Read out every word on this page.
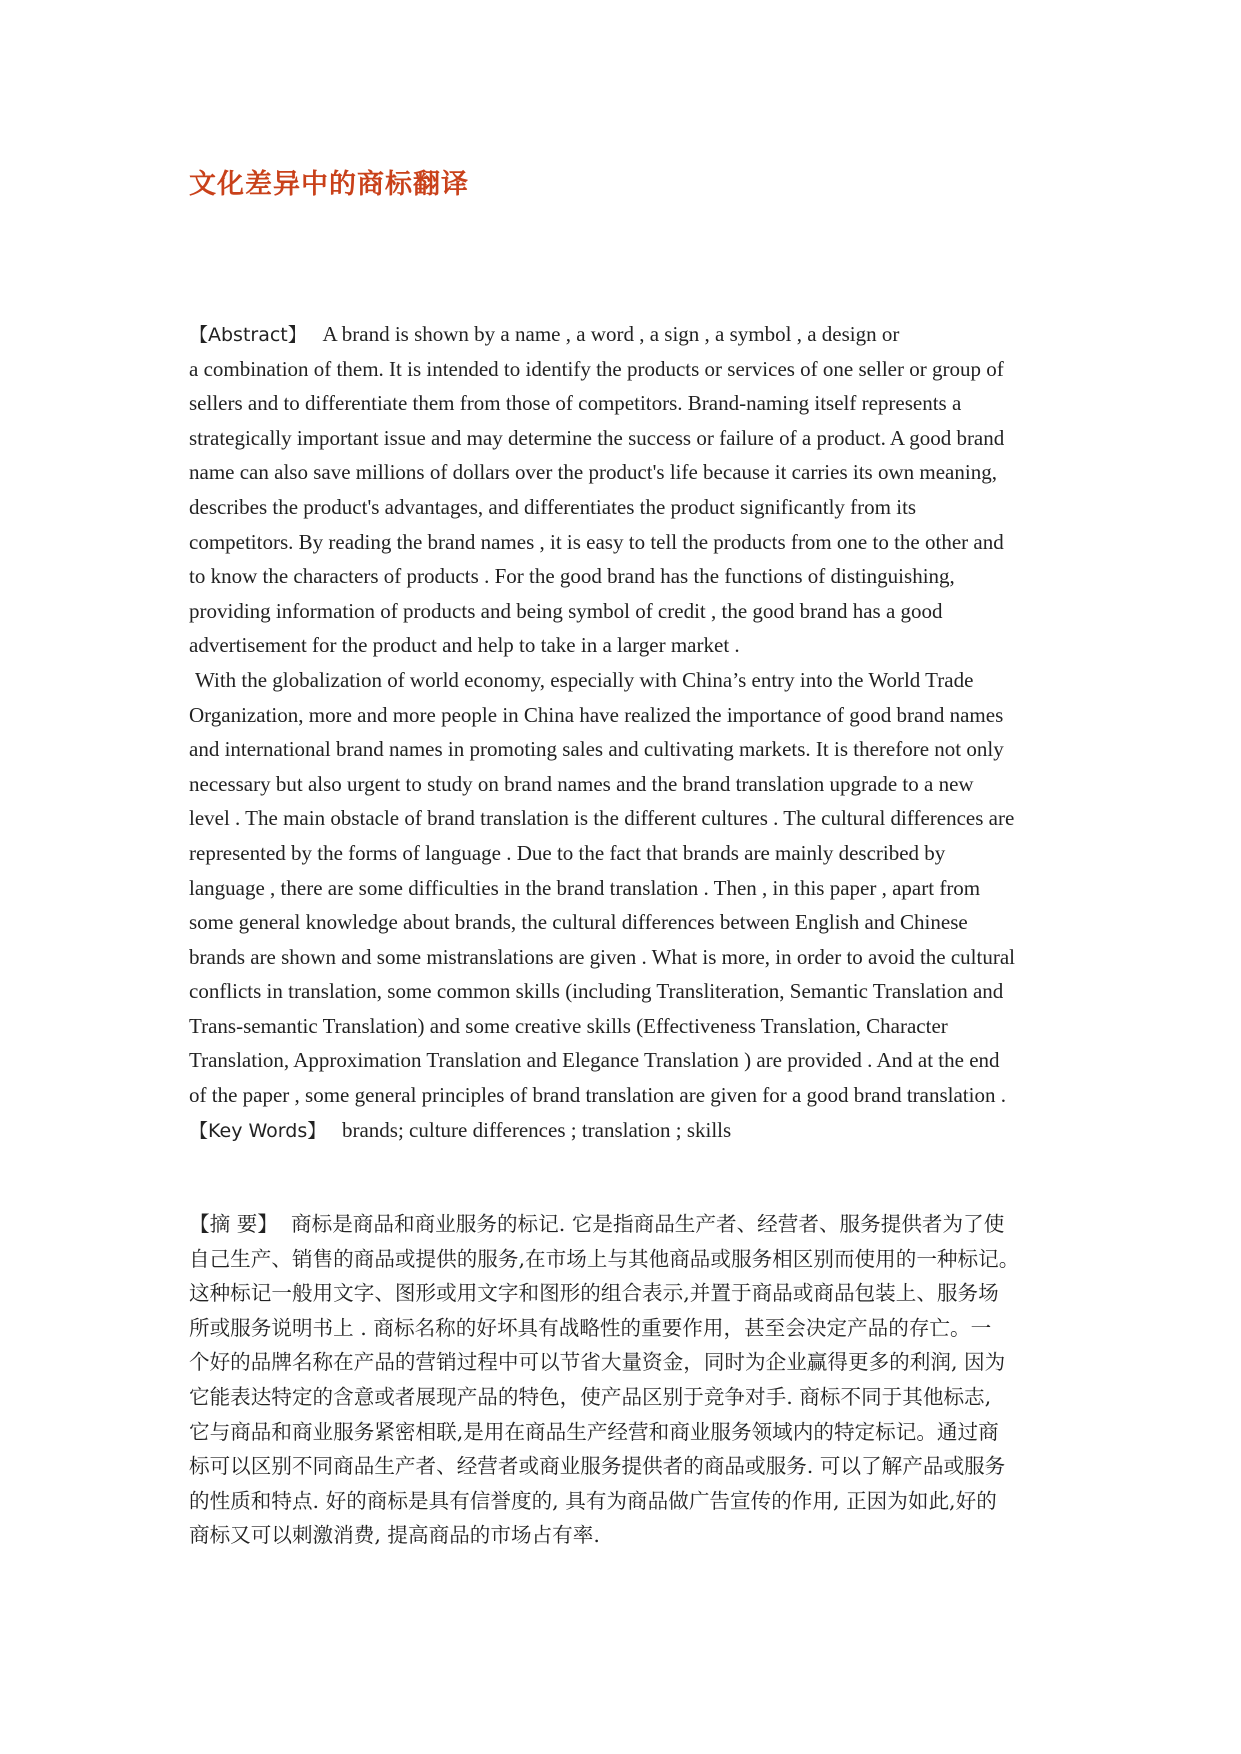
文化差异中的商标翻译
【Abstract】 A brand is shown by a name , a word , a sign , a symbol , a design or
a combination of them. It is intended to identify the products or services of one seller or group of
sellers and to differentiate them from those of competitors. Brand-naming itself represents a
strategically important issue and may determine the success or failure of a product. A good brand
name can also save millions of dollars over the product's life because it carries its own meaning,
describes the product's advantages, and differentiates the product significantly from its
competitors. By reading the brand names , it is easy to tell the products from one to the other and
to know the characters of products . For the good brand has the functions of distinguishing,
providing information of products and being symbol of credit , the good brand has a good
advertisement for the product and help to take in a larger market .
With the globalization of world economy, especially with China’s entry into the World Trade
Organization, more and more people in China have realized the importance of good brand names
and international brand names in promoting sales and cultivating markets. It is therefore not only
necessary but also urgent to study on brand names and the brand translation upgrade to a new
level . The main obstacle of brand translation is the different cultures . The cultural differences are
represented by the forms of language . Due to the fact that brands are mainly described by
language , there are some difficulties in the brand translation . Then , in this paper , apart from
some general knowledge about brands, the cultural differences between English and Chinese
brands are shown and some mistranslations are given . What is more, in order to avoid the cultural
conflicts in translation, some common skills (including Transliteration, Semantic Translation and
Trans-semantic Translation) and some creative skills (Effectiveness Translation, Character
Translation, Approximation Translation and Elegance Translation ) are provided . And at the end
of the paper , some general principles of brand translation are given for a good brand translation .
【Key Words】 brands; culture differences ; translation ; skills
【摘 要】 商标是商品和商业服务的标记. 它是指商品生产者、经营者、服务提供者为了使
自己生产、销售的商品或提供的服务,在市场上与其他商品或服务相区别而使用的一种标记。
这种标记一般用文字、图形或用文字和图形的组合表示,并置于商品或商品包装上、服务场
所或服务说明书上 . 商标名称的好坏具有战略性的重要作用，甚至会决定产品的存亡。一
个好的品牌名称在产品的营销过程中可以节省大量资金，同时为企业赢得更多的利润, 因为
它能表达特定的含意或者展现产品的特色，使产品区别于竞争对手. 商标不同于其他标志,
它与商品和商业服务紧密相联,是用在商品生产经营和商业服务领域内的特定标记。通过商
标可以区别不同商品生产者、经营者或商业服务提供者的商品或服务. 可以了解产品或服务
的性质和特点. 好的商标是具有信誉度的, 具有为商品做广告宣传的作用, 正因为如此,好的
商标又可以刺激消费, 提高商品的市场占有率.
